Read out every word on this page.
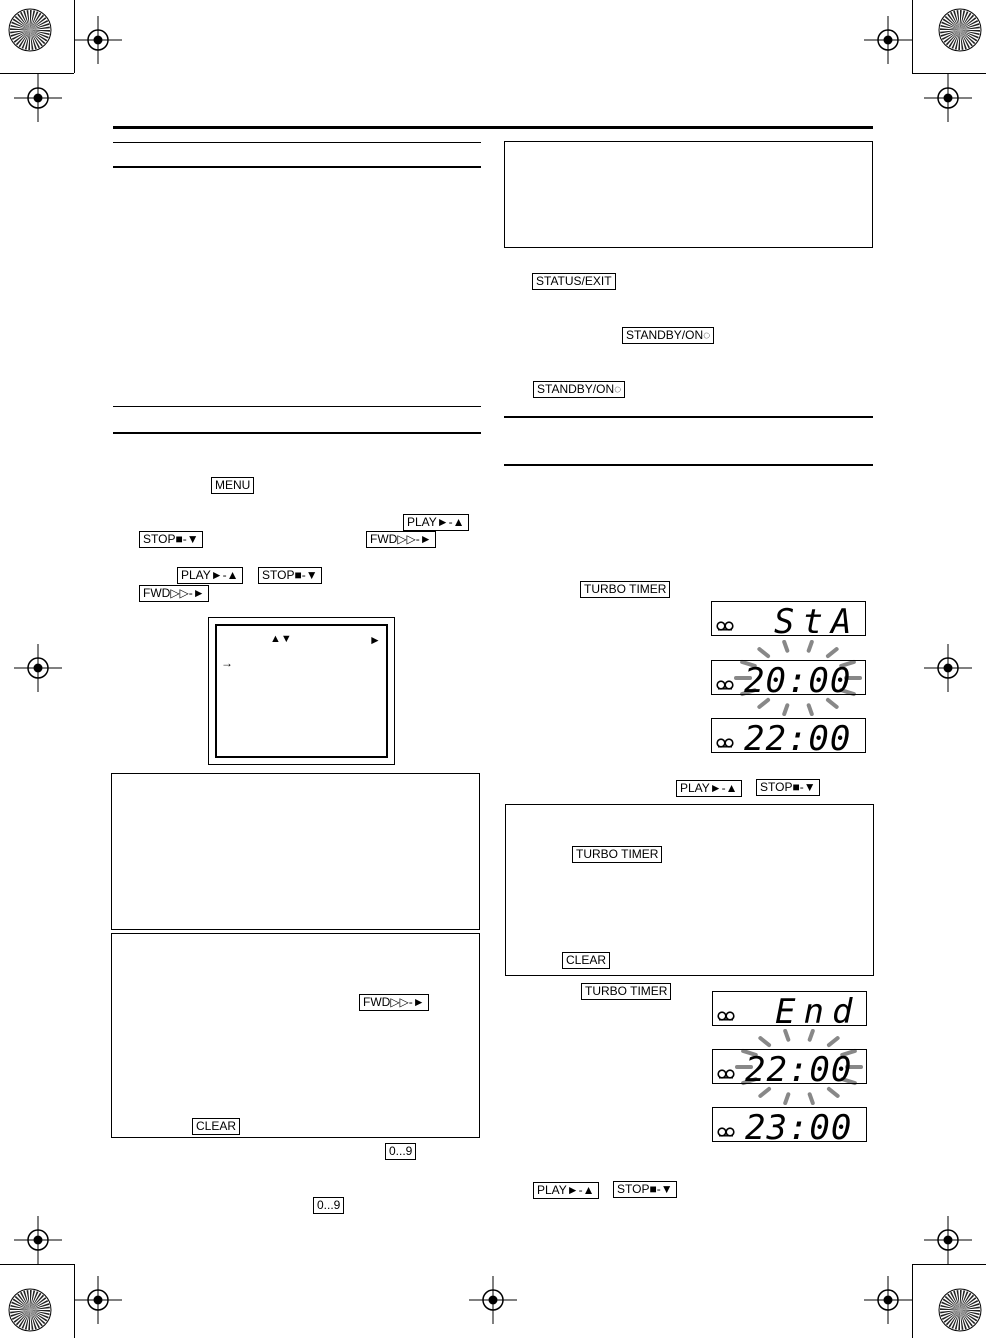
MENU
PLAY►-▲
STOP■-▼	FWD▷▷-►
PLAY►-▲	STOP■-▼
FWD▷▷-►
▲▼	►
→
FWD▷▷-►
CLEAR
0...9
0...9
STATUS/EXIT
STANDBY/ON◌
STANDBY/ON◌
TURBO TIMER
StA
20:00
22:00
PLAY►-▲	STOP■-▼
TURBO TIMER
CLEAR
TURBO TIMER
End
22:00
23:00
PLAY►-▲	STOP■-▼
